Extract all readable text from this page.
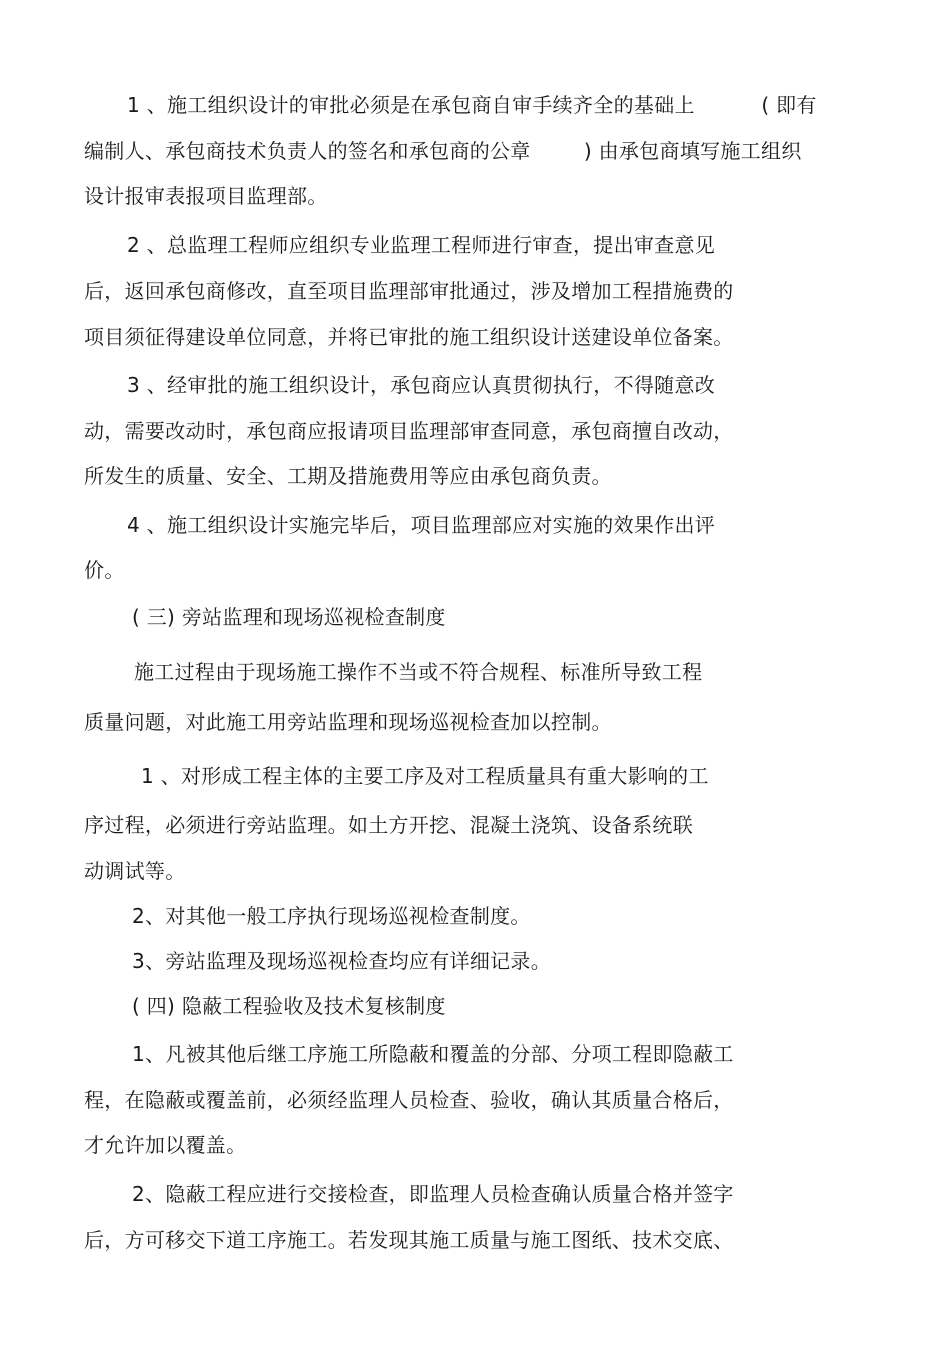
1 、施工组织设计的审批必须是在承包商自审手续齐全的基础上          ( 即有
编制人、承包商技术负责人的签名和承包商的公章        ) 由承包商填写施工组织
设计报审表报项目监理部。
2 、总监理工程师应组织专业监理工程师进行审查，提出审查意见
后，返回承包商修改，直至项目监理部审批通过，涉及增加工程措施费的
项目须征得建设单位同意，并将已审批的施工组织设计送建设单位备案。
3 、经审批的施工组织设计，承包商应认真贯彻执行，不得随意改
动，需要改动时，承包商应报请项目监理部审查同意，承包商擅自改动，
所发生的质量、安全、工期及措施费用等应由承包商负责。
4 、施工组织设计实施完毕后，项目监理部应对实施的效果作出评
价。
( 三) 旁站监理和现场巡视检查制度
施工过程由于现场施工操作不当或不符合规程、标准所导致工程
质量问题，对此施工用旁站监理和现场巡视检查加以控制。
1 、对形成工程主体的主要工序及对工程质量具有重大影响的工
序过程，必须进行旁站监理。如土方开挖、混凝土浇筑、设备系统联
动调试等。
2、对其他一般工序执行现场巡视检查制度。
3、旁站监理及现场巡视检查均应有详细记录。
( 四) 隐蔽工程验收及技术复核制度
1、凡被其他后继工序施工所隐蔽和覆盖的分部、分项工程即隐蔽工
程，在隐蔽或覆盖前，必须经监理人员检查、验收，确认其质量合格后，
才允许加以覆盖。
2、隐蔽工程应进行交接检查，即监理人员检查确认质量合格并签字
后，方可移交下道工序施工。若发现其施工质量与施工图纸、技术交底、
